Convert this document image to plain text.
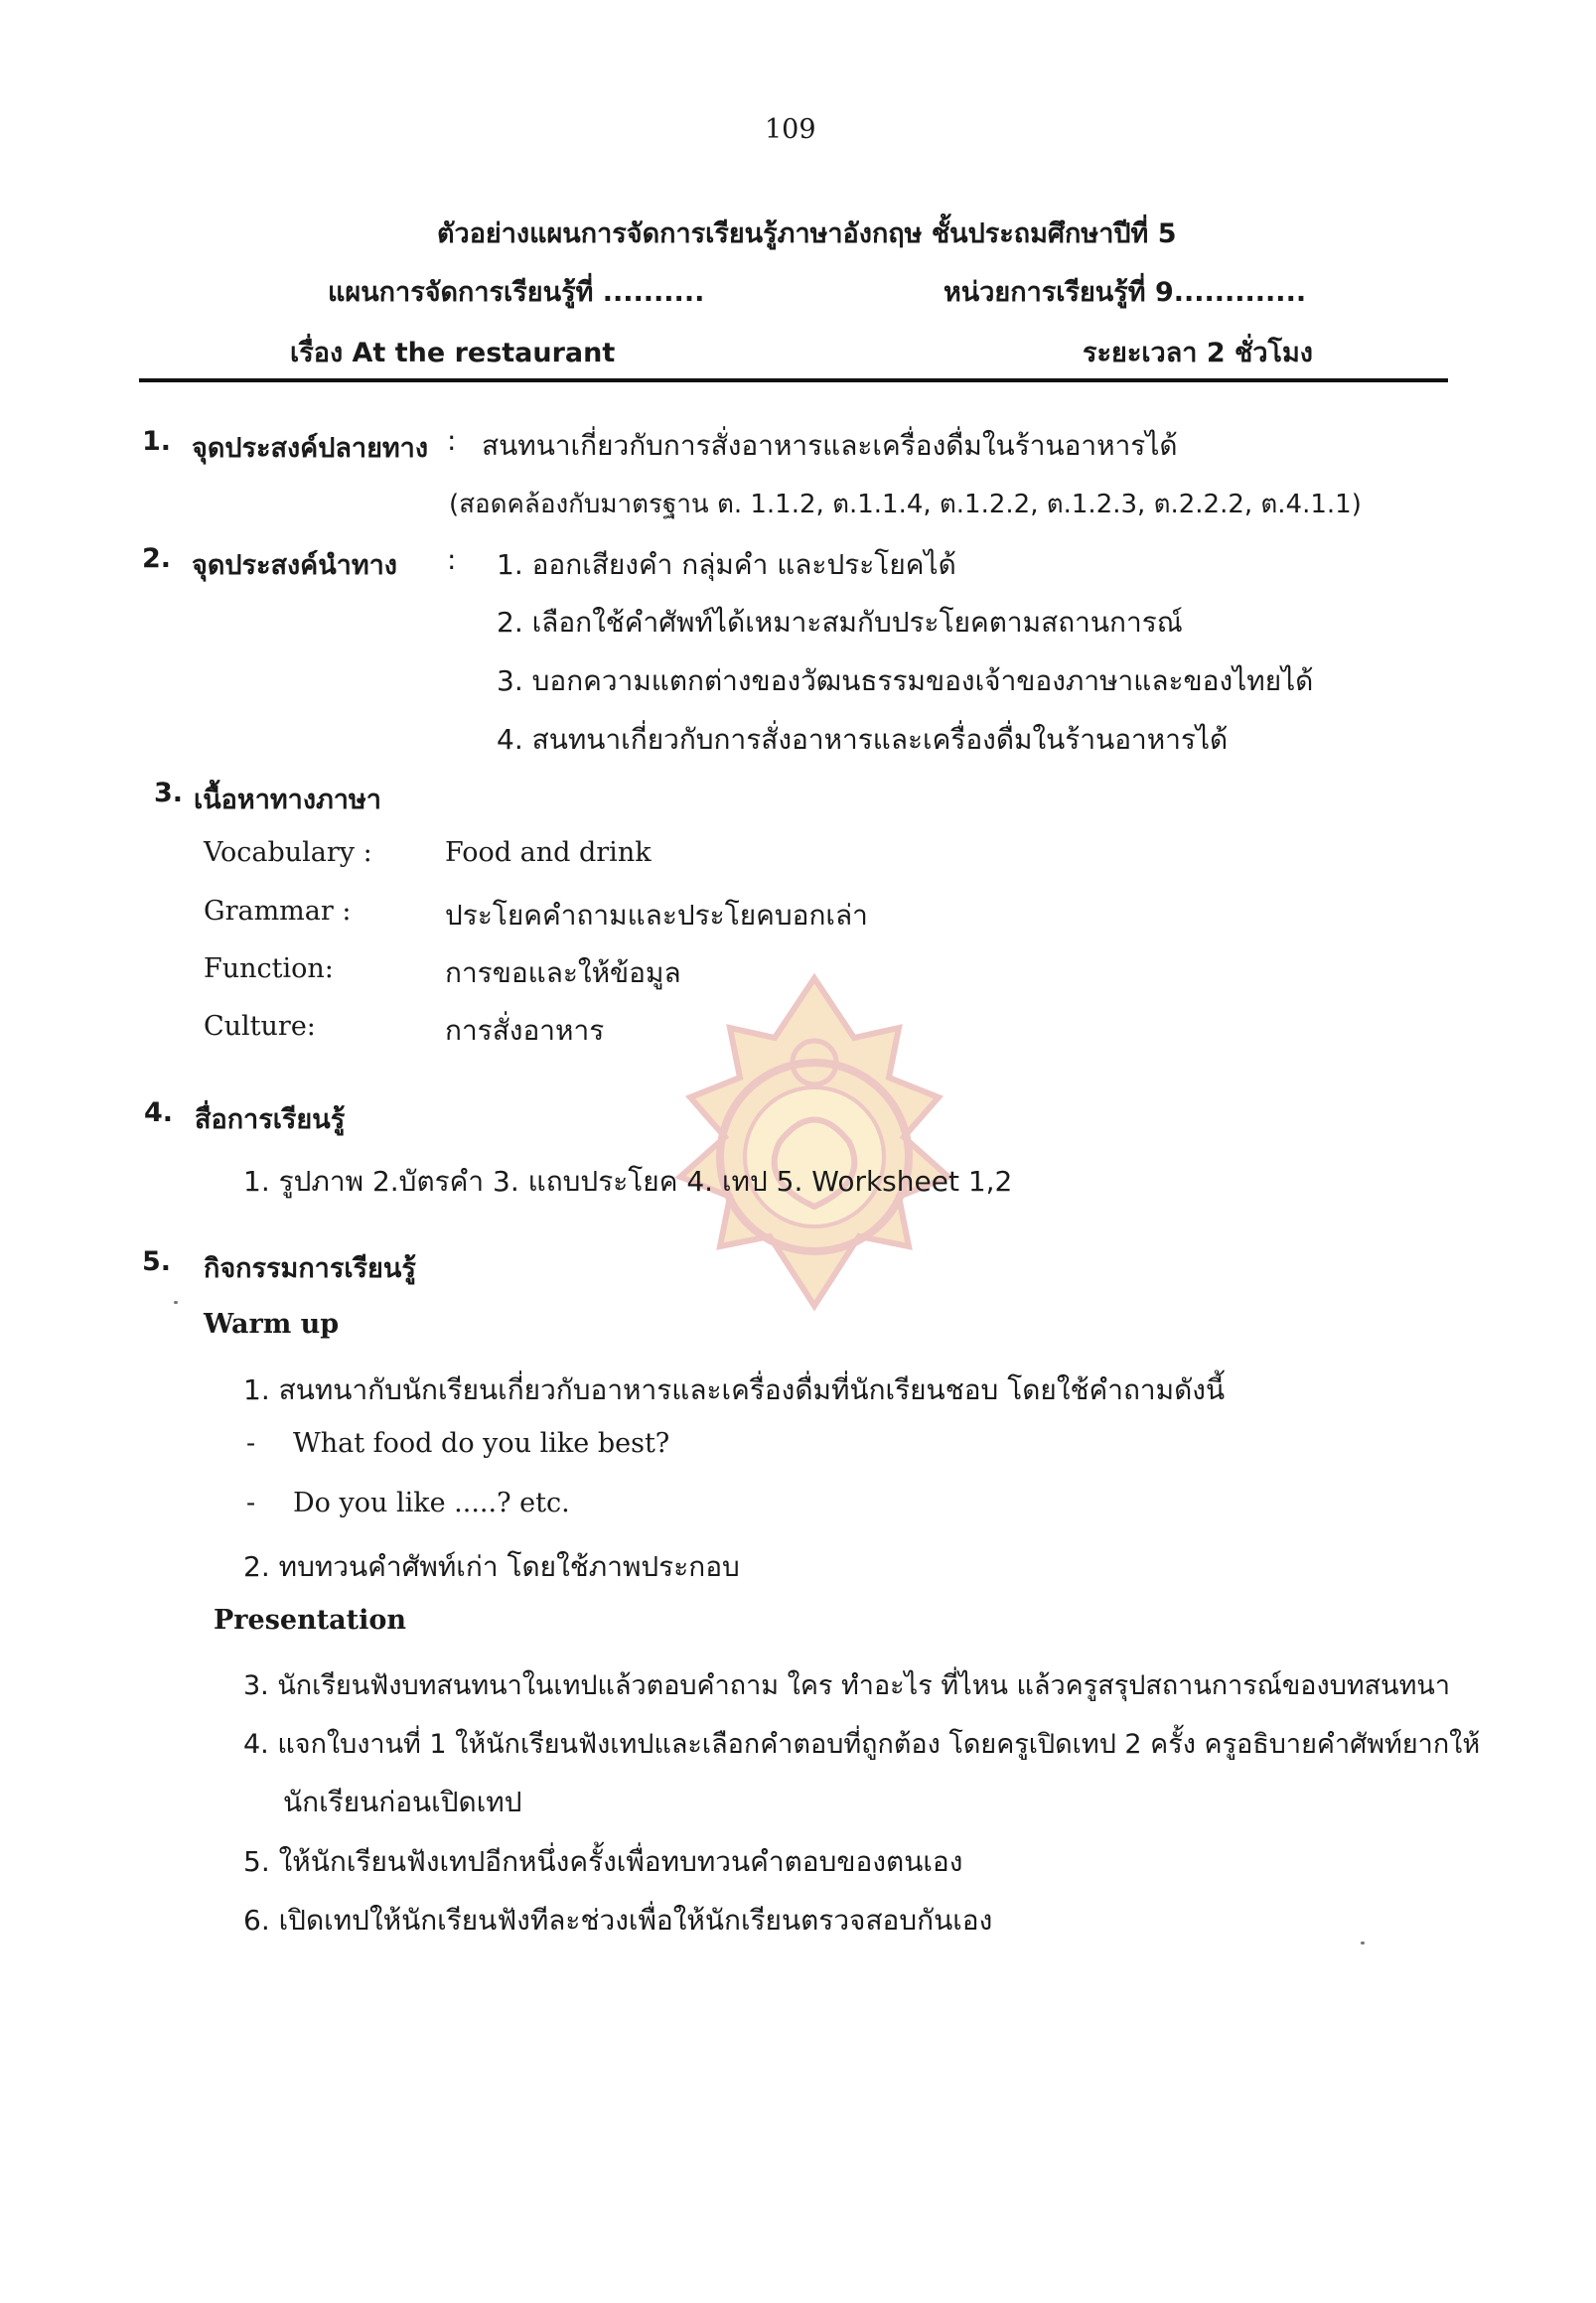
109
ตัวอย่างแผนการจัดการเรียนรู้ภาษาอังกฤษ ชั้นประถมศึกษาปีที่ 5
แผนการจัดการเรียนรู้ที่ ..........	หน่วยการเรียนรู้ที่ 9.............
เรื่อง At the restaurant	ระยะเวลา 2 ชั่วโมง
1. จุดประสงค์ปลายทาง : สนทนาเกี่ยวกับการสั่งอาหารและเครื่องดื่มในร้านอาหารได้
(สอดคล้องกับมาตรฐาน ต. 1.1.2, ต.1.1.4, ต.1.2.2, ต.1.2.3, ต.2.2.2, ต.4.1.1)
2. จุดประสงค์นำทาง : 1. ออกเสียงคำ กลุ่มคำ และประโยคได้
2. เลือกใช้คำศัพท์ได้เหมาะสมกับประโยคตามสถานการณ์
3. บอกความแตกต่างของวัฒนธรรมของเจ้าของภาษาและของไทยได้
4. สนทนาเกี่ยวกับการสั่งอาหารและเครื่องดื่มในร้านอาหารได้
3. เนื้อหาทางภาษา
Vocabulary :	Food and drink
Grammar :	ประโยคคำถามและประโยคบอกเล่า
Function:	การขอและให้ข้อมูล
Culture:	การสั่งอาหาร
4. สื่อการเรียนรู้
1. รูปภาพ 2.บัตรคำ 3. แถบประโยค 4. เทป 5. Worksheet 1,2
5. กิจกรรมการเรียนรู้
Warm up
1. สนทนากับนักเรียนเกี่ยวกับอาหารและเครื่องดื่มที่นักเรียนชอบ โดยใช้คำถามดังนี้
- What food do you like best?
- Do you like .....? etc.
2. ทบทวนคำศัพท์เก่า โดยใช้ภาพประกอบ
Presentation
3. นักเรียนฟังบทสนทนาในเทปแล้วตอบคำถาม ใคร ทำอะไร ที่ไหน แล้วครูสรุปสถานการณ์ของบทสนทนา
4. แจกใบงานที่ 1 ให้นักเรียนฟังเทปและเลือกคำตอบที่ถูกต้อง โดยครูเปิดเทป 2 ครั้ง ครูอธิบายคำศัพท์ยากให้
นักเรียนก่อนเปิดเทป
5. ให้นักเรียนฟังเทปอีกหนึ่งครั้งเพื่อทบทวนคำตอบของตนเอง
6. เปิดเทปให้นักเรียนฟังทีละช่วงเพื่อให้นักเรียนตรวจสอบกันเอง
